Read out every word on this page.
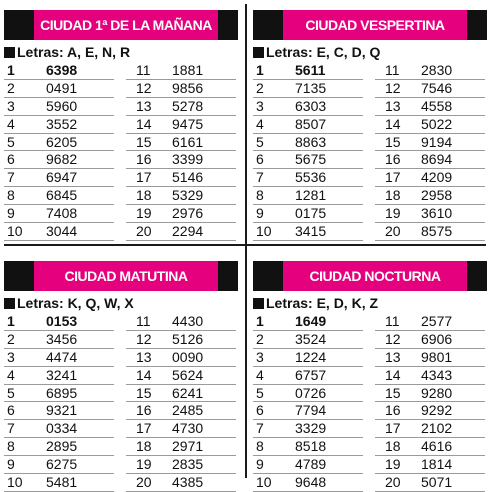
CIUDAD 1ª DE LA MAÑANA
Letras: A, E, N, R
1 6398
2 0491
3 5960
4 3552
5 6205
6 9682
7 6947
8 6845
9 7408
10 3044
11 1881
12 9856
13 5278
14 9475
15 6161
16 3399
17 5146
18 5329
19 2976
20 2294
CIUDAD VESPERTINA
Letras: E, C, D, Q
1 5611
2 7135
3 6303
4 8507
5 8863
6 5675
7 5536
8 1281
9 0175
10 3415
11 2830
12 7546
13 4558
14 5022
15 9194
16 8694
17 4209
18 2958
19 3610
20 8575
CIUDAD MATUTINA
Letras: K, Q, W, X
1 0153
2 3456
3 4474
4 3241
5 6895
6 9321
7 0334
8 2895
9 6275
10 5481
11 4430
12 5126
13 0090
14 5624
15 6241
16 2485
17 4730
18 2971
19 2835
20 4385
CIUDAD NOCTURNA
Letras: E, D, K, Z
1 1649
2 3524
3 1224
4 6757
5 0726
6 7794
7 3329
8 8518
9 4789
10 9648
11 2577
12 6906
13 9801
14 4343
15 9280
16 9292
17 2102
18 4616
19 1814
20 5071
